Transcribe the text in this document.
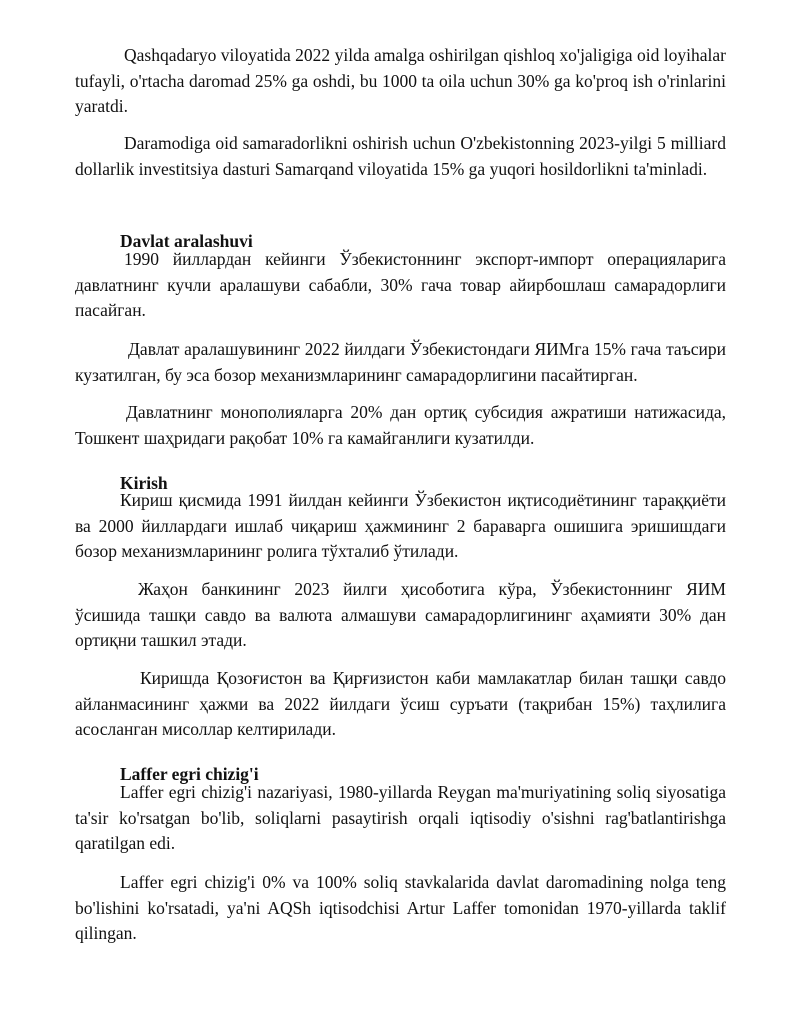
Qashqadaryo viloyatida 2022 yilda amalga oshirilgan qishloq xo'jaligiga oid loyihalar tufayli, o'rtacha daromad 25% ga oshdi, bu 1000 ta oila uchun 30% ga ko'proq ish o'rinlarini yaratdi.

Daramodiga oid samaradorlikni oshirish uchun O'zbekistonning 2023-yilgi 5 milliard dollarlik investitsiya dasturi Samarqand viloyatida 15% ga yuqori hosildorlikni ta'minladi.

Davlat aralashuvi

1990 йиллардан кейинги Ўзбекистоннинг экспорт-импорт операцияларига давлатнинг кучли аралашуви сабабли, 30% гача товар айирбошлаш самарадорлиги пасайган.

Давлат аралашувининг 2022 йилдаги Ўзбекистондаги ЯИМга 15% гача таъсири кузатилган, бу эса бозор механизмларининг самарадорлигини пасайтирган.

Давлатнинг монополияларга 20% дан ортиқ субсидия ажратиши натижасида, Тошкент шаҳридаги рақобат 10% га камайганлиги кузатилди.

Kirish

Кириш қисмида 1991 йилдан кейинги Ўзбекистон иқтисодиётининг тараққиёти ва 2000 йиллардаги ишлаб чиқариш ҳажмининг 2 бараварга ошишига эришишдаги бозор механизмларининг ролига тўхталиб ўтилади.

Жаҳон банкининг 2023 йилги ҳисоботига кўра, Ўзбекистоннинг ЯИМ ўсишида ташқи савдо ва валюта алмашуви самарадорлигининг аҳамияти 30% дан ортиқни ташкил этади.

Киришда Қозоғистон ва Қирғизистон каби мамлакатлар билан ташқи савдо айланмасининг ҳажми ва 2022 йилдаги ўсиш суръати (тақрибан 15%) таҳлилига асосланган мисоллар келтирилади.

Laffer egri chizig'i

Laffer egri chizig'i nazariyasi, 1980-yillarda Reygan ma'muriyatining soliq siyosatiga ta'sir ko'rsatgan bo'lib, soliqlarni pasaytirish orqali iqtisodiy o'sishni rag'batlantirishga qaratilgan edi.

Laffer egri chizig'i 0% va 100% soliq stavkalarida davlat daromadining nolga teng bo'lishini ko'rsatadi, ya'ni AQSh iqtisodchisi Artur Laffer tomonidan 1970-yillarda taklif qilingan.
